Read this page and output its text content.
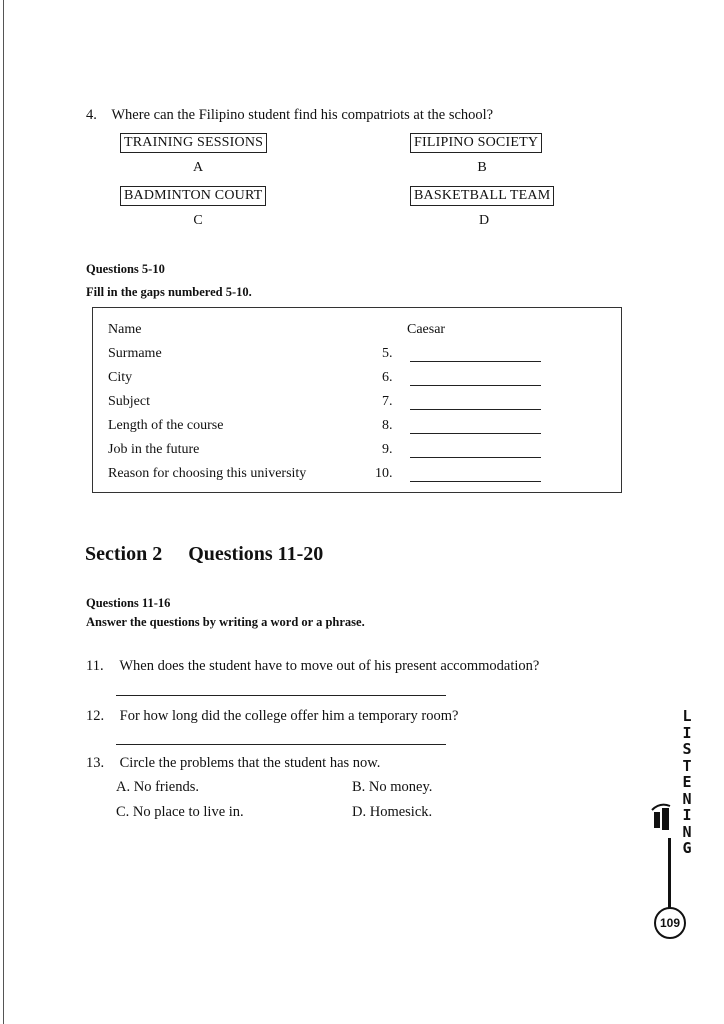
4. Where can the Filipino student find his compatriots at the school?
TRAINING SESSIONS
A
FILIPINO SOCIETY
B
BADMINTON COURT
C
BASKETBALL TEAM
D
Questions 5-10
Fill in the gaps numbered 5-10.
Name	Caesar
Surmame	5.
City	6.
Subject	7.
Length of the course	8.
Job in the future	9.
Reason for choosing this university	10.
Section 2 Questions 11-20
Questions 11-16
Answer the questions by writing a word or a phrase.
11. When does the student have to move out of his present accommodation?
12. For how long did the college offer him a temporary room?
13. Circle the problems that the student has now.
A. No friends.	B. No money.
C. No place to live in.	D. Homesick.
L
I
S
T
E
N
I
N
G
109
